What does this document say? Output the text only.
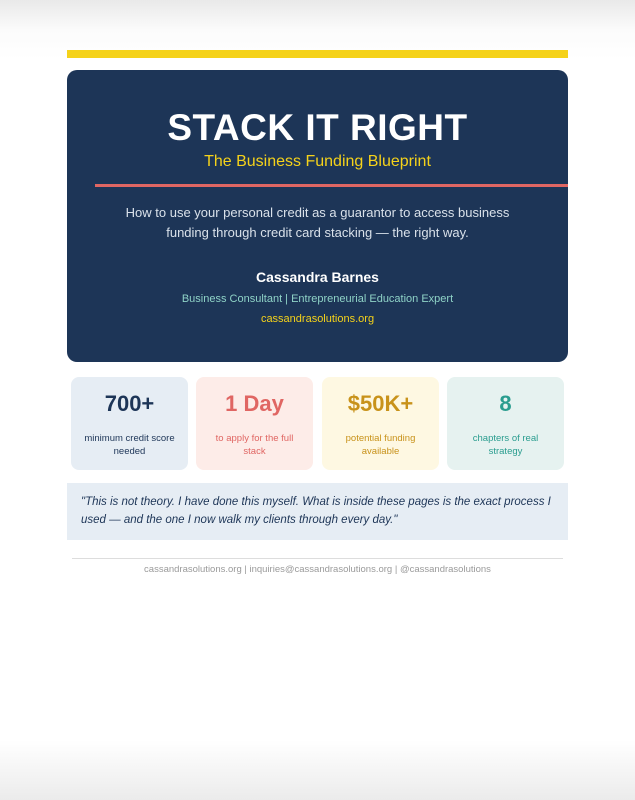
STACK IT RIGHT
The Business Funding Blueprint
How to use your personal credit as a guarantor to access business funding through credit card stacking — the right way.
Cassandra Barnes
Business Consultant | Entrepreneurial Education Expert
cassandrasolutions.org
700+
minimum credit score needed
1 Day
to apply for the full stack
$50K+
potential funding available
8
chapters of real strategy
"This is not theory. I have done this myself. What is inside these pages is the exact process I used — and the one I now walk my clients through every day."
cassandrasolutions.org | inquiries@cassandrasolutions.org | @cassandrasolutions
